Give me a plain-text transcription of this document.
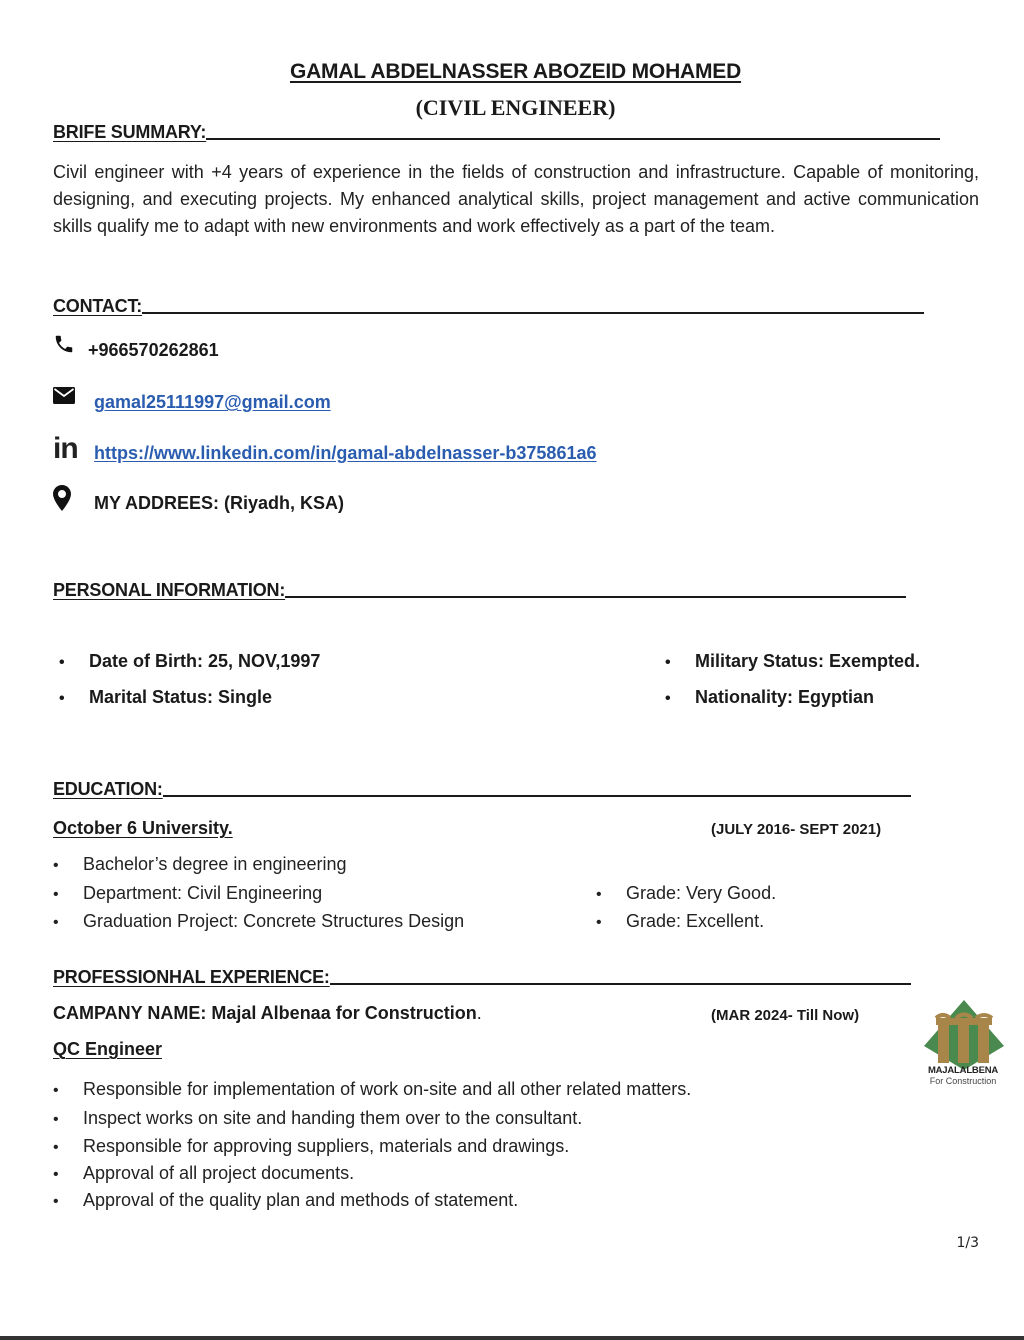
GAMAL ABDELNASSER ABOZEID MOHAMED
(CIVIL ENGINEER)
BRIFE SUMMARY:
Civil engineer with +4 years of experience in the fields of construction and infrastructure. Capable of monitoring, designing, and executing projects. My enhanced analytical skills, project management and active communication skills qualify me to adapt with new environments and work effectively as a part of the team.
CONTACT:
+966570262861
gamal25111997@gmail.com
in https://www.linkedin.com/in/gamal-abdelnasser-b375861a6
MY ADDREES: (Riyadh, KSA)
PERSONAL INFORMATION:
•	Date of Birth: 25, NOV,1997
•	Marital Status: Single
•	Military Status: Exempted.
•	Nationality: Egyptian
EDUCATION:
October 6 University.	(JULY 2016- SEPT 2021)
•	Bachelor’s degree in engineering
•	Department: Civil Engineering
•	Graduation Project: Concrete Structures Design
•	Grade: Very Good.
•	Grade: Excellent.
PROFESSIONHAL EXPERIENCE:
CAMPANY NAME: Majal Albenaa for Construction.	(MAR 2024- Till Now)
QC Engineer
MAJALALBENA
For Construction
•	Responsible for implementation of work on-site and all other related matters.
•	Inspect works on site and handing them over to the consultant.
•	Responsible for approving suppliers, materials and drawings.
•	Approval of all project documents.
•	Approval of the quality plan and methods of statement.
1/3
